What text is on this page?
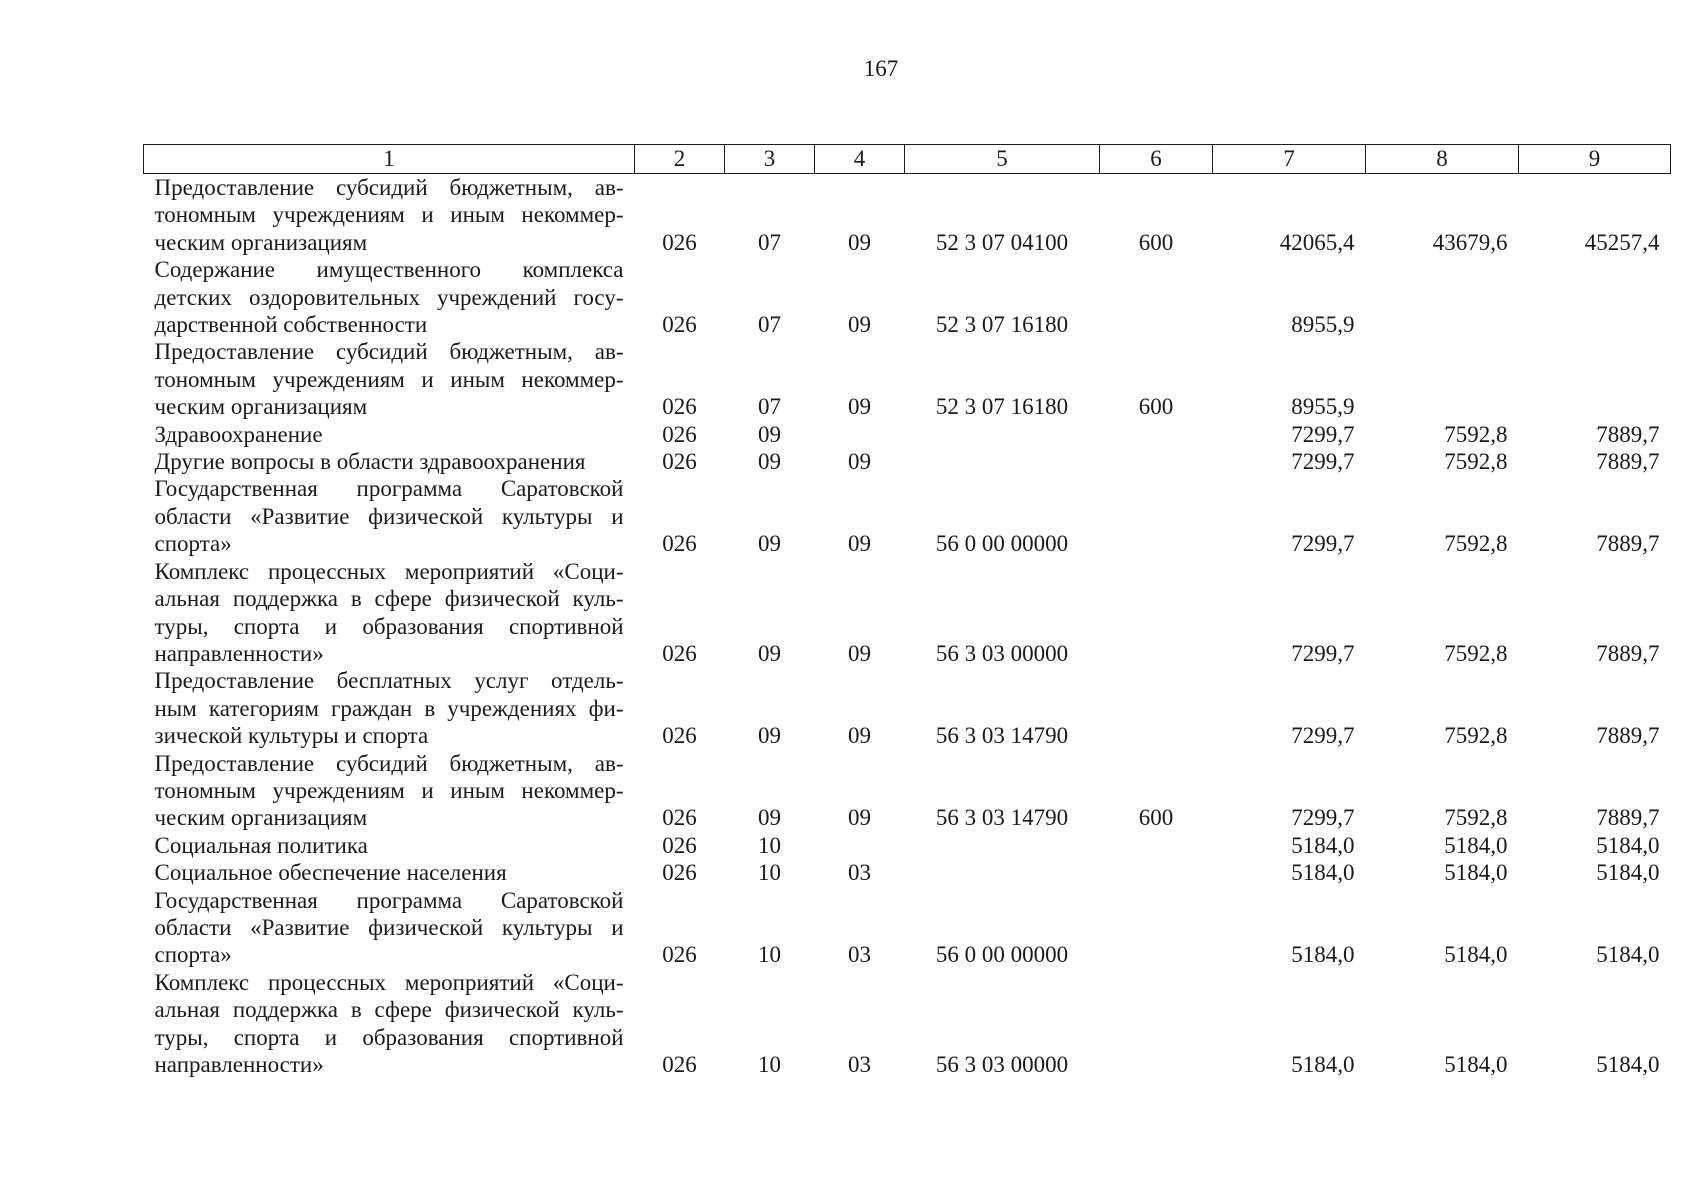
167
1	2	3	4	5	6	7	8	9

Предоставление субсидий бюджетным, ав-
тономным учреждениям и иным некоммер-
ческим организациям	026	07	09	52 3 07 04100	600	42065,4	43679,6	45257,4

Содержание имущественного комплекса
детских оздоровительных учреждений госу-
дарственной собственности	026	07	09	52 3 07 16180		8955,9		

Предоставление субсидий бюджетным, ав-
тономным учреждениям и иным некоммер-
ческим организациям	026	07	09	52 3 07 16180	600	8955,9		

Здравоохранение	026	09				7299,7	7592,8	7889,7

Другие вопросы в области здравоохранения	026	09	09			7299,7	7592,8	7889,7

Государственная программа Саратовской
области «Развитие физической культуры и
спорта»	026	09	09	56 0 00 00000		7299,7	7592,8	7889,7

Комплекс процессных мероприятий «Соци-
альная поддержка в сфере физической куль-
туры, спорта и образования спортивной
направленности»	026	09	09	56 3 03 00000		7299,7	7592,8	7889,7

Предоставление бесплатных услуг отдель-
ным категориям граждан в учреждениях фи-
зической культуры и спорта	026	09	09	56 3 03 14790		7299,7	7592,8	7889,7

Предоставление субсидий бюджетным, ав-
тономным учреждениям и иным некоммер-
ческим организациям	026	09	09	56 3 03 14790	600	7299,7	7592,8	7889,7

Социальная политика	026	10				5184,0	5184,0	5184,0

Социальное обеспечение населения	026	10	03			5184,0	5184,0	5184,0

Государственная программа Саратовской
области «Развитие физической культуры и
спорта»	026	10	03	56 0 00 00000		5184,0	5184,0	5184,0

Комплекс процессных мероприятий «Соци-
альная поддержка в сфере физической куль-
туры, спорта и образования спортивной
направленности»	026	10	03	56 3 03 00000		5184,0	5184,0	5184,0
